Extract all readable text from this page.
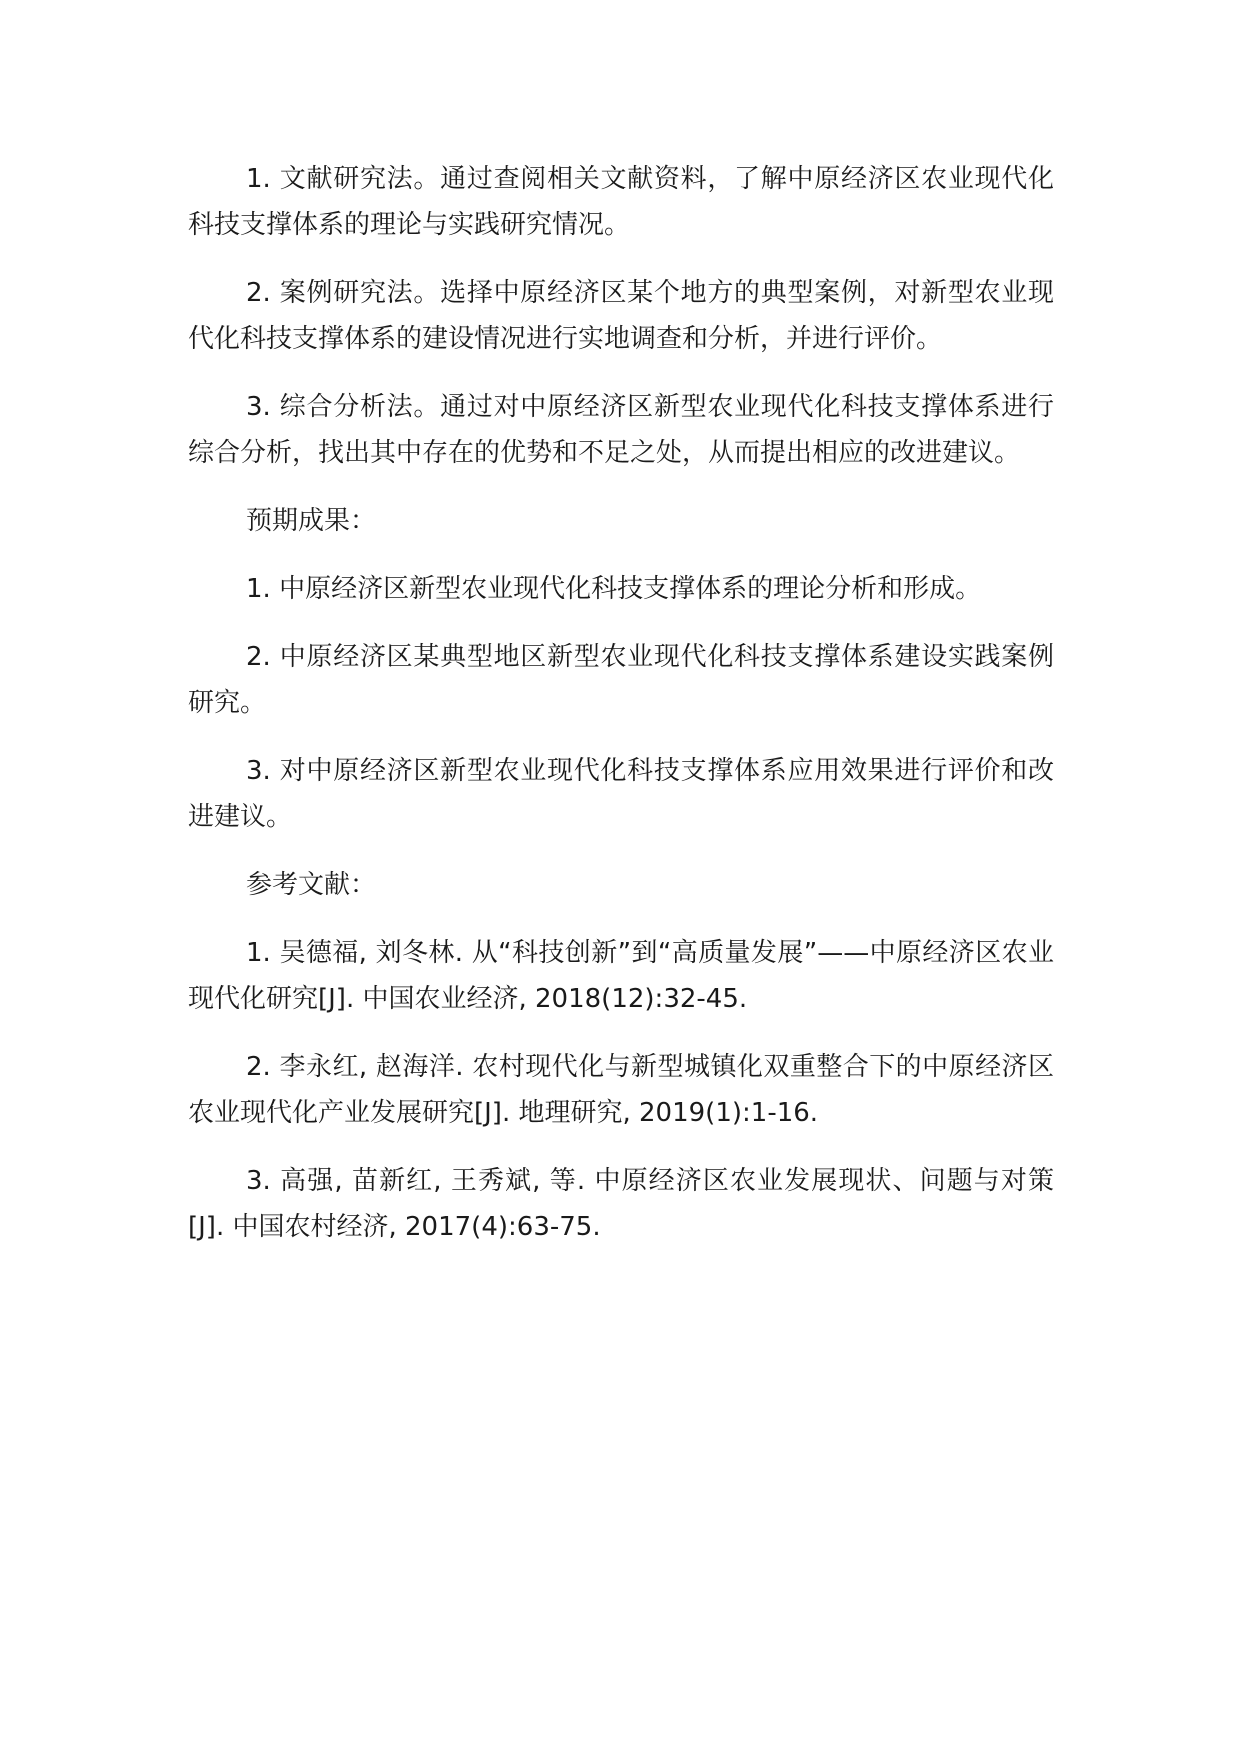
1. 文献研究法。通过查阅相关文献资料，了解中原经济区农业现代化科技支撑体系的理论与实践研究情况。

2. 案例研究法。选择中原经济区某个地方的典型案例，对新型农业现代化科技支撑体系的建设情况进行实地调查和分析，并进行评价。

3. 综合分析法。通过对中原经济区新型农业现代化科技支撑体系进行综合分析，找出其中存在的优势和不足之处，从而提出相应的改进建议。

预期成果：

1. 中原经济区新型农业现代化科技支撑体系的理论分析和形成。

2. 中原经济区某典型地区新型农业现代化科技支撑体系建设实践案例研究。

3. 对中原经济区新型农业现代化科技支撑体系应用效果进行评价和改进建议。

参考文献：

1. 吴德福, 刘冬林. 从“科技创新”到“高质量发展”——中原经济区农业现代化研究[J]. 中国农业经济, 2018(12):32-45.

2. 李永红, 赵海洋. 农村现代化与新型城镇化双重整合下的中原经济区农业现代化产业发展研究[J]. 地理研究, 2019(1):1-16.

3. 高强, 苗新红, 王秀斌, 等. 中原经济区农业发展现状、问题与对策[J]. 中国农村经济, 2017(4):63-75.
